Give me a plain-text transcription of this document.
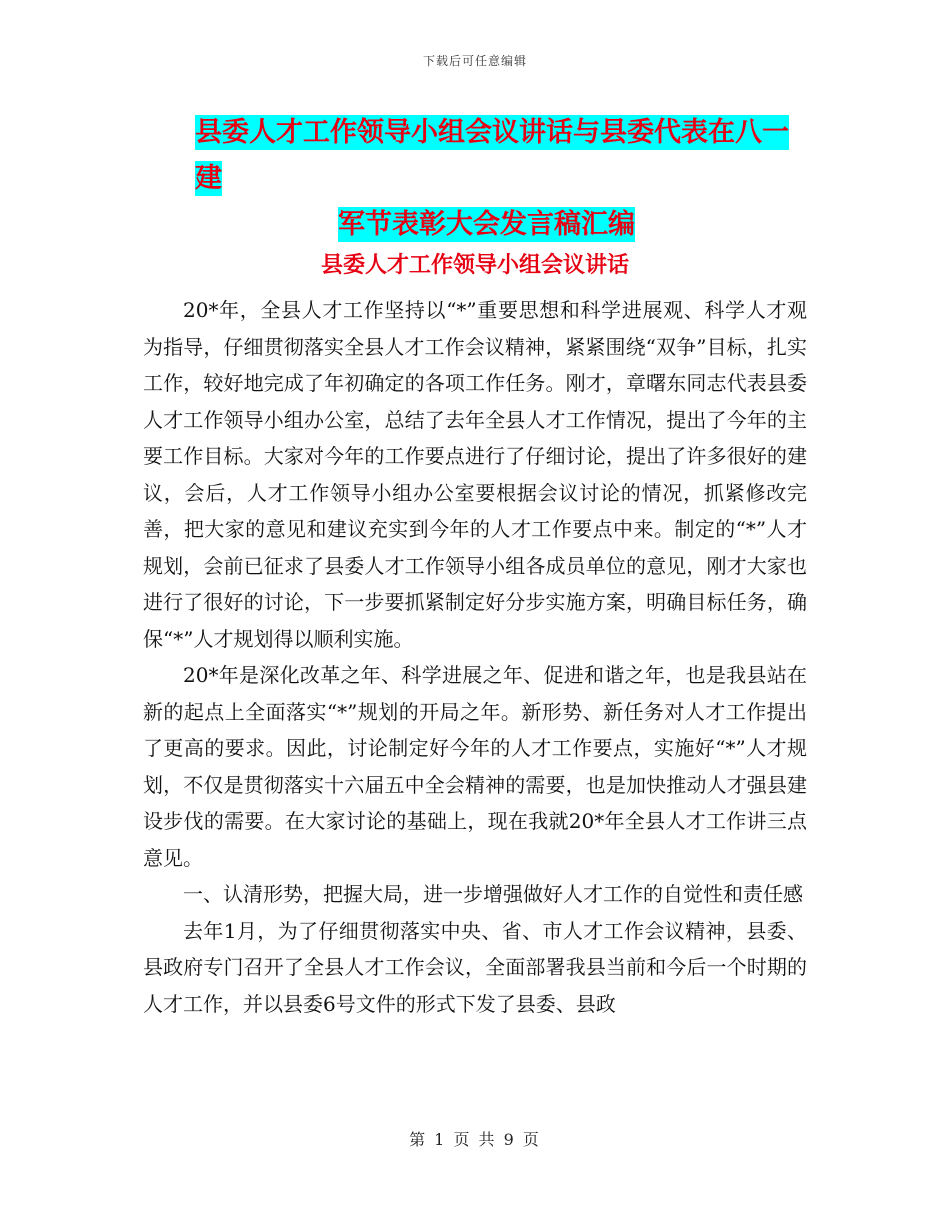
下载后可任意编辑
县委人才工作领导小组会议讲话与县委代表在八一建
军节表彰大会发言稿汇编
县委人才工作领导小组会议讲话

20*年，全县人才工作坚持以“*”重要思想和科学进展观、科学人才观为指导，仔细贯彻落实全县人才工作会议精神，紧紧围绕“双争”目标，扎实工作，较好地完成了年初确定的各项工作任务。刚才，章曙东同志代表县委人才工作领导小组办公室，总结了去年全县人才工作情况，提出了今年的主要工作目标。大家对今年的工作要点进行了仔细讨论，提出了许多很好的建议，会后，人才工作领导小组办公室要根据会议讨论的情况，抓紧修改完善，把大家的意见和建议充实到今年的人才工作要点中来。制定的“*”人才规划，会前已征求了县委人才工作领导小组各成员单位的意见，刚才大家也进行了很好的讨论，下一步要抓紧制定好分步实施方案，明确目标任务，确保“*”人才规划得以顺利实施。

20*年是深化改革之年、科学进展之年、促进和谐之年，也是我县站在新的起点上全面落实“*”规划的开局之年。新形势、新任务对人才工作提出了更高的要求。因此，讨论制定好今年的人才工作要点，实施好“*”人才规划，不仅是贯彻落实十六届五中全会精神的需要，也是加快推动人才强县建设步伐的需要。在大家讨论的基础上，现在我就20*年全县人才工作讲三点意见。

一、认清形势，把握大局，进一步增强做好人才工作的自觉性和责任感

去年1月，为了仔细贯彻落实中央、省、市人才工作会议精神，县委、县政府专门召开了全县人才工作会议，全面部署我县当前和今后一个时期的人才工作，并以县委6号文件的形式下发了县委、县政

第 1 页 共 9 页
